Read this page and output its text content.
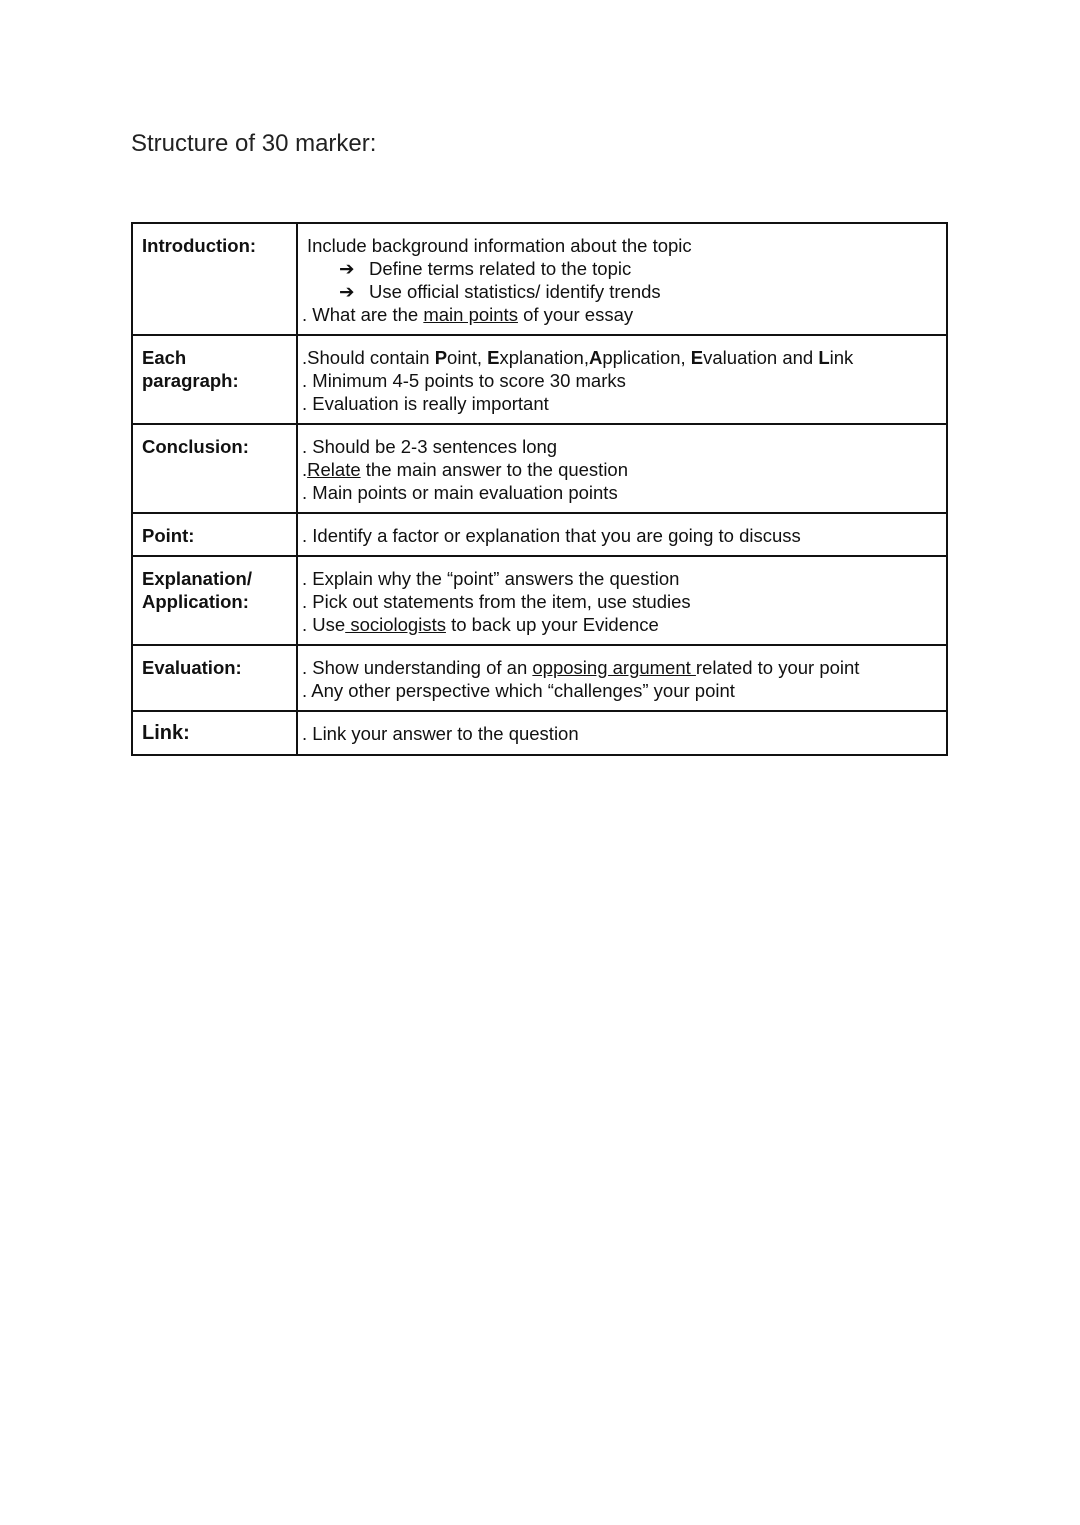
Structure of 30 marker:
Introduction:	Include background information about the topic
➔ Define terms related to the topic
➔ Use official statistics/ identify trends
. What are the main points of your essay

Each
paragraph:	.Should contain Point, Explanation,Application, Evaluation and Link
. Minimum 4-5 points to score 30 marks
. Evaluation is really important

Conclusion:	. Should be 2-3 sentences long
.Relate the main answer to the question
. Main points or main evaluation points

Point:	. Identify a factor or explanation that you are going to discuss

Explanation/
Application:	. Explain why the “point” answers the question
. Pick out statements from the item, use studies
. Use sociologists to back up your Evidence

Evaluation:	. Show understanding of an opposing argument related to your point
. Any other perspective which “challenges” your point

Link:	. Link your answer to the question
